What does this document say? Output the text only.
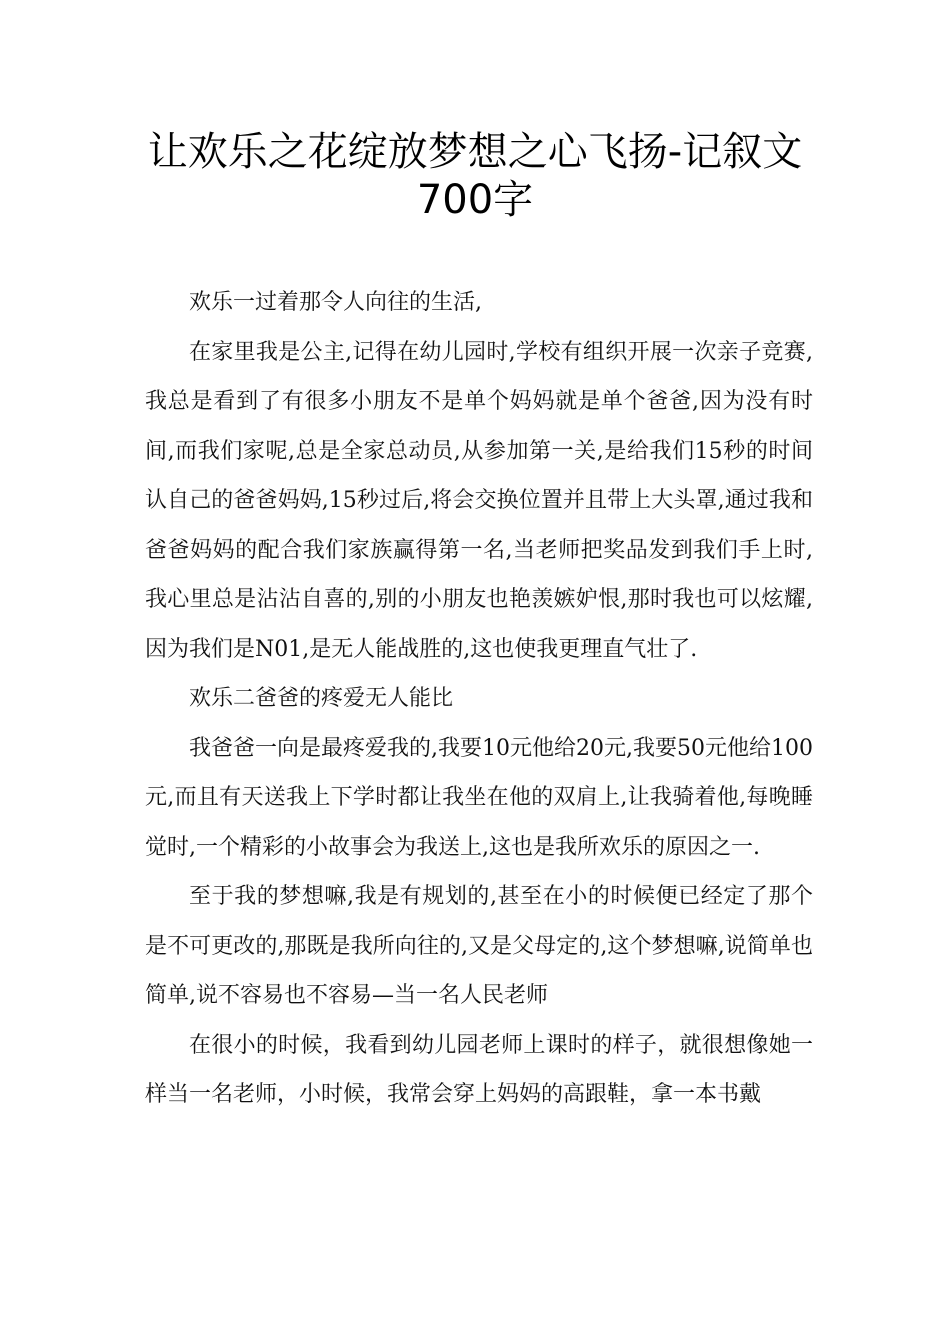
让欢乐之花绽放梦想之心飞扬-记叙文
700字

欢乐一过着那令人向往的生活,

在家里我是公主,记得在幼儿园时,学校有组织开展一次亲子竞赛,我总是看到了有很多小朋友不是单个妈妈就是单个爸爸,因为没有时间,而我们家呢,总是全家总动员,从参加第一关,是给我们15秒的时间认自己的爸爸妈妈,15秒过后,将会交换位置并且带上大头罩,通过我和爸爸妈妈的配合我们家族赢得第一名,当老师把奖品发到我们手上时,我心里总是沾沾自喜的,别的小朋友也艳羡嫉妒恨,那时我也可以炫耀,因为我们是N01,是无人能战胜的,这也使我更理直气壮了.

欢乐二爸爸的疼爱无人能比

我爸爸一向是最疼爱我的,我要10元他给20元,我要50元他给100元,而且有天送我上下学时都让我坐在他的双肩上,让我骑着他,每晚睡觉时,一个精彩的小故事会为我送上,这也是我所欢乐的原因之一.

至于我的梦想嘛,我是有规划的,甚至在小的时候便已经定了那个是不可更改的,那既是我所向往的,又是父母定的,这个梦想嘛,说简单也简单,说不容易也不容易—当一名人民老师

在很小的时候，我看到幼儿园老师上课时的样子，就很想像她一样当一名老师，小时候，我常会穿上妈妈的高跟鞋，拿一本书戴
